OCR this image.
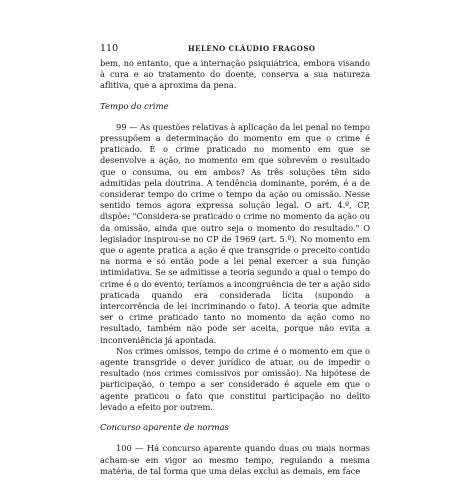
110	HELENO CLÁUDIO FRAGOSO

bem, no entanto, que a internação psiquiátrica, embora visando à cura e ao tratamento do doente, conserva a sua natureza aflitiva, que a aproxima da pena.

Tempo do crime

99 — As questões relativas à aplicação da lei penal no tempo pressupõem a determinação do momento em que o crime é praticado. É o crime praticado no momento em que se desenvolve a ação, no momento em que sobrevém o resultado que o consuma, ou em ambos? As três soluções têm sido admitidas pela doutrina. A tendência dominante, porém, é a de considerar tempo do crime o tempo da ação ou omissão. Nesse sentido temos agora expressa solução legal. O art. 4.º, CP, dispõe: "Considera-se praticado o crime no momento da ação ou da omissão, ainda que outro seja o momento do resultado." O legislador inspirou-se no CP de 1969 (art. 5.º). No momento em que o agente pratica a ação é que transgride o preceito contido na norma e só então pode a lei penal exercer a sua função intimidativa. Se se admitisse a teoria segundo a qual o tempo do crime é o do evento, teríamos a incongruência de ter a ação sido praticada quando era considerada lícita (supondo a intercorrência de lei incriminando o fato). A teoria que admite ser o crime praticado tanto no momento da ação como no resultado, também não pode ser aceita, porque não evita a inconveniência já apontada.

Nos crimes omissos, tempo do crime é o momento em que o agente transgride o dever jurídico de atuar, ou de impedir o resultado (nos crimes comissivos por omissão). Na hipótese de participação, o tempo a ser considerado é aquele em que o agente praticou o fato que constitui participação no delito levado a efeito por outrem.

Concurso aparente de normas

100 — Há concurso aparente quando duas ou mais normas acham-se em vigor ao mesmo tempo, regulando a mesma matéria, de tal forma que uma delas exclui as demais, em face
